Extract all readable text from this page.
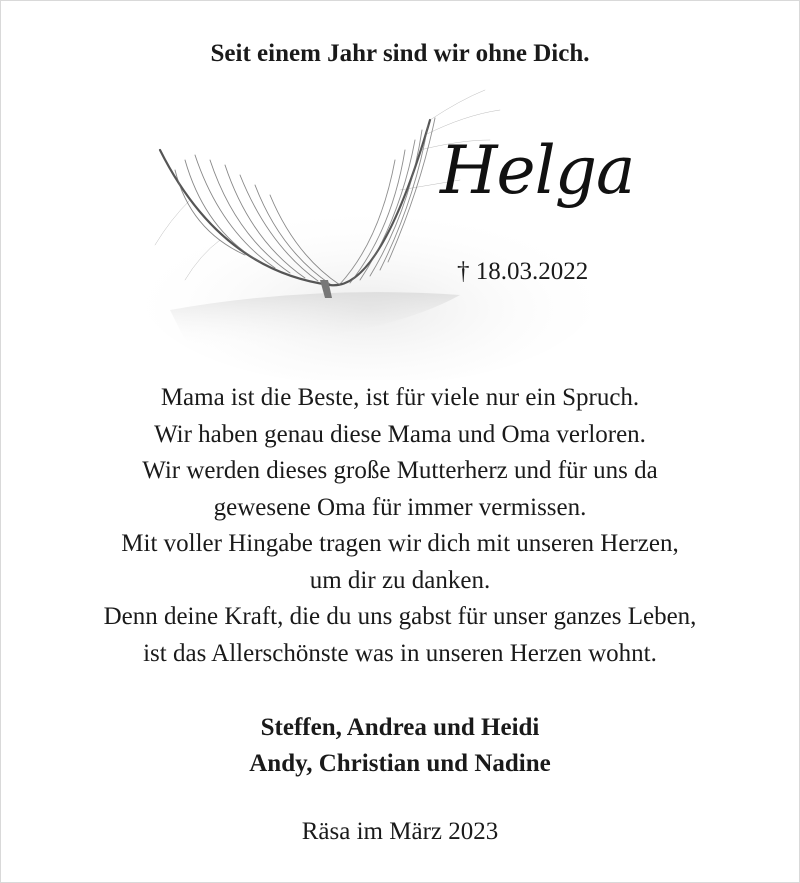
Seit einem Jahr sind wir ohne Dich.
Helga
† 18.03.2022
Mama ist die Beste, ist für viele nur ein Spruch.
Wir haben genau diese Mama und Oma verloren.
Wir werden dieses große Mutterherz und für uns da
gewesene Oma für immer vermissen.
Mit voller Hingabe tragen wir dich mit unseren Herzen,
um dir zu danken.
Denn deine Kraft, die du uns gabst für unser ganzes Leben,
ist das Allerschönste was in unseren Herzen wohnt.
Steffen, Andrea und Heidi
Andy, Christian und Nadine
Räsa im März 2023
